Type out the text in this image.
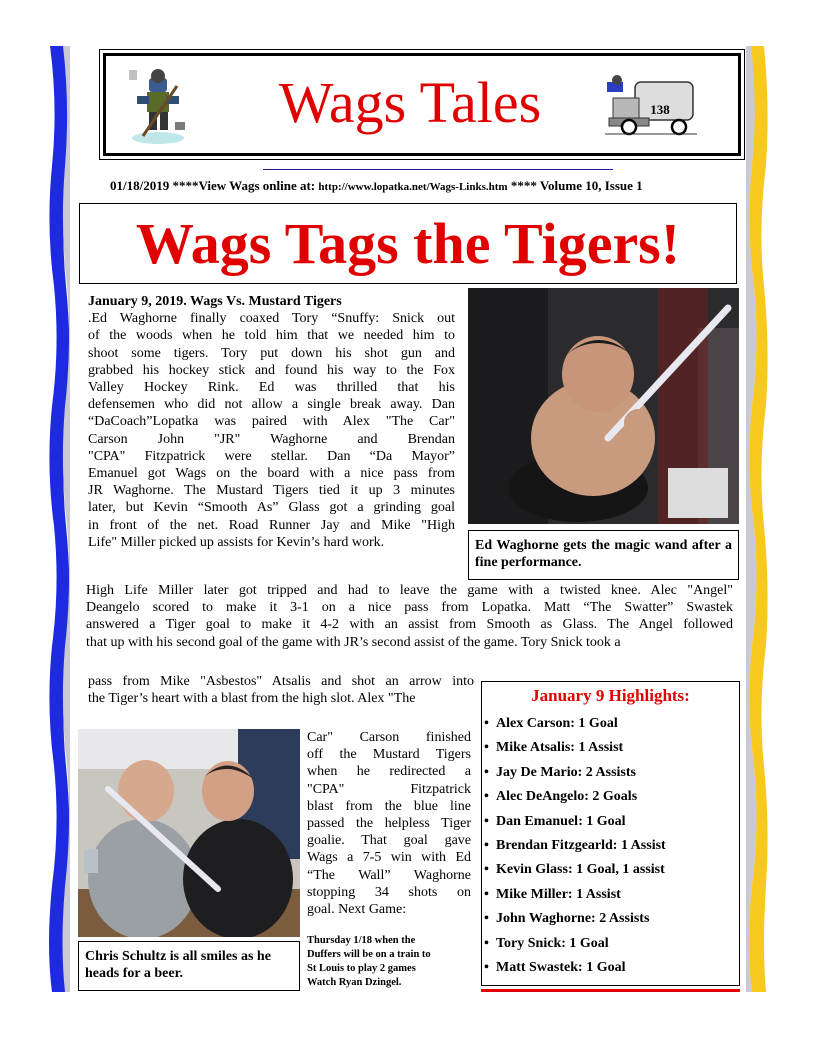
Wags Tales	138
01/18/2019 ****View Wags online at: http://www.lopatka.net/Wags-Links.htm **** Volume 10, Issue 1
Wags Tags the Tigers!
January 9, 2019. Wags Vs. Mustard Tigers
.Ed Waghorne finally coaxed Tory “Snuffy: Snick out
of the woods when he told him that we needed him to
shoot some tigers. Tory put down his shot gun and
grabbed his hockey stick and found his way to the Fox
Valley Hockey Rink. Ed was thrilled that his
defensemen who did not allow a single break away. Dan
“DaCoach”Lopatka was paired with Alex "The Car"
Carson John "JR" Waghorne and Brendan
"CPA" Fitzpatrick were stellar. Dan “Da Mayor”
Emanuel got Wags on the board with a nice pass from
JR Waghorne. The Mustard Tigers tied it up 3 minutes
later, but Kevin “Smooth As” Glass got a grinding goal
in front of the net. Road Runner Jay and Mike "High
Life" Miller picked up assists for Kevin’s hard work.	Ed Waghorne gets the magic wand after a fine performance.
High Life Miller later got tripped and had to leave the game with a twisted knee. Alec "Angel"
Deangelo scored to make it 3-1 on a nice pass from Lopatka. Matt “The Swatter” Swastek
answered a Tiger goal to make it 4-2 with an assist from Smooth as Glass. The Angel followed
that up with his second goal of the game with JR’s second assist of the game. Tory Snick took a
pass from Mike "Asbestos" Atsalis and shot an arrow into
the Tiger’s heart with a blast from the high slot. Alex "The
Chris Schultz is all smiles as he heads for a beer.
Car" Carson finished
off the Mustard Tigers
when he redirected a
"CPA" Fitzpatrick
blast from the blue line
passed the helpless Tiger
goalie. That goal gave
Wags a 7-5 win with Ed
“The Wall” Waghorne
stopping 34 shots on
goal. Next Game:
Thursday 1/18 when the
Duffers will be on a train to
St Louis to play 2 games
Watch Ryan Dzingel.
January 9 Highlights:
• Alex Carson: 1 Goal
• Mike Atsalis: 1 Assist
• Jay De Mario: 2 Assists
• Alec DeAngelo: 2 Goals
• Dan Emanuel: 1 Goal
• Brendan Fitzgearld: 1 Assist
• Kevin Glass: 1 Goal, 1 assist
• Mike Miller: 1 Assist
• John Waghorne: 2 Assists
• Tory Snick: 1 Goal
• Matt Swastek: 1 Goal
